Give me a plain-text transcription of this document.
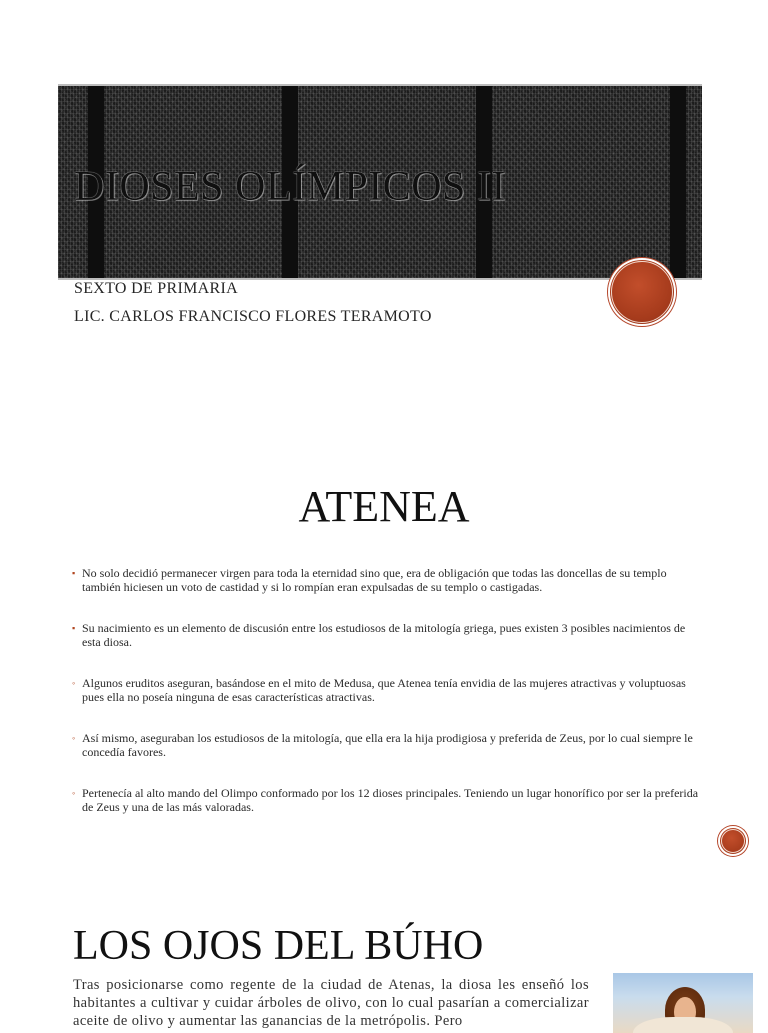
DIOSES OLÍMPICOS II
SEXTO DE PRIMARIA
LIC. CARLOS FRANCISCO FLORES TERAMOTO
ATENEA
▪ No solo decidió permanecer virgen para toda la eternidad sino que, era de obligación que todas las doncellas de su templo también hiciesen un voto de castidad y si lo rompían eran expulsadas de su templo o castigadas.
▪ Su nacimiento es un elemento de discusión entre los estudiosos de la mitología griega, pues existen 3 posibles nacimientos de esta diosa.
◦ Algunos eruditos aseguran, basándose en el mito de Medusa, que Atenea tenía envidia de las mujeres atractivas y voluptuosas pues ella no poseía ninguna de esas características atractivas.
◦ Así mismo, aseguraban los estudiosos de la mitología, que ella era la hija prodigiosa y preferida de Zeus, por lo cual siempre le concedía favores.
◦ Pertenecía al alto mando del Olimpo conformado por los 12 dioses principales. Teniendo un lugar honorífico por ser la preferida de Zeus y una de las más valoradas.
LOS OJOS DEL BÚHO
Tras posicionarse como regente de la ciudad de Atenas, la diosa les enseñó los habitantes a cultivar y cuidar árboles de olivo, con lo cual pasarían a comercializar aceite de olivo y aumentar las ganancias de la metrópolis. Pero
